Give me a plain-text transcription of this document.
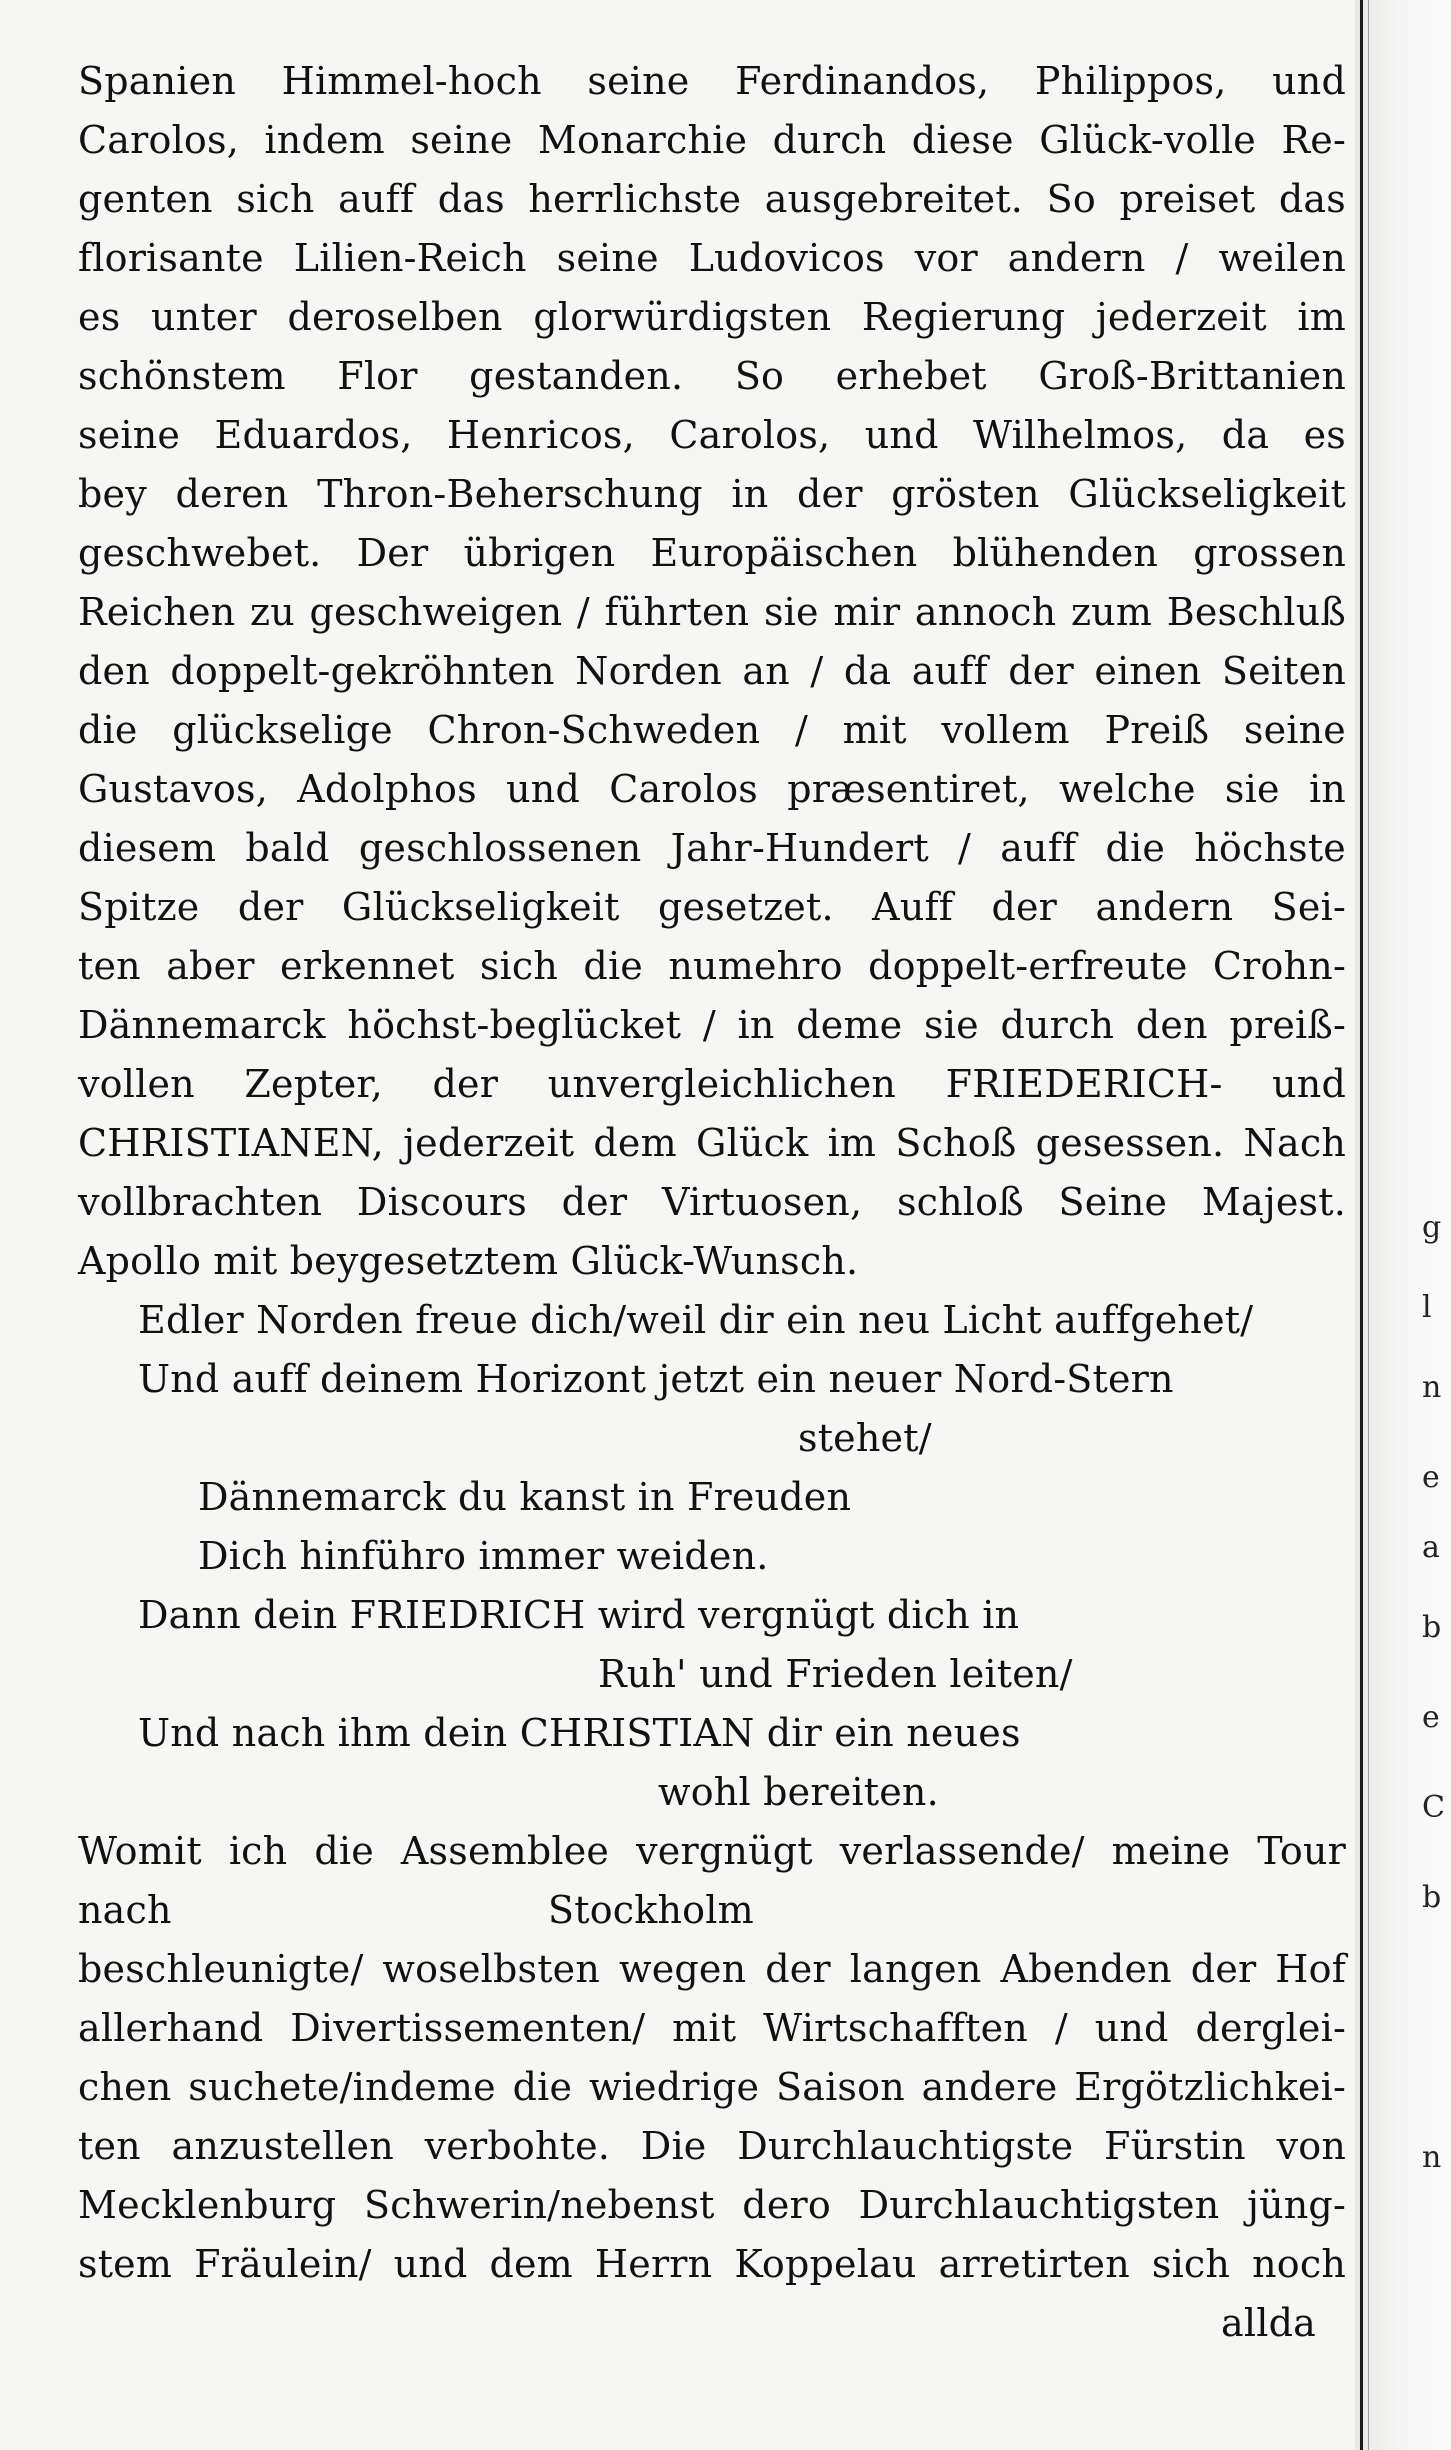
Spanien Himmel-hoch seine Ferdinandos, Philippos, und
Carolos, indem seine Monarchie durch diese Glück-volle Re-
genten sich auff das herrlichste ausgebreitet. So preiset das
florisante Lilien-Reich seine Ludovicos vor andern / weilen
es unter deroselben glorwürdigsten Regierung jederzeit im
schönstem Flor gestanden. So erhebet Groß-Brittanien
seine Eduardos, Henricos, Carolos, und Wilhelmos, da es
bey deren Thron-Beherschung in der grösten Glückseligkeit
geschwebet. Der übrigen Europäischen blühenden grossen
Reichen zu geschweigen / führten sie mir annoch zum Beschluß
den doppelt-gekröhnten Norden an / da auff der einen Seiten
die glückselige Chron-Schweden / mit vollem Preiß seine
Gustavos, Adolphos und Carolos præsentiret, welche sie in
diesem bald geschlossenen Jahr-Hundert / auff die höchste
Spitze der Glückseligkeit gesetzet. Auff der andern Sei-
ten aber erkennet sich die numehro doppelt-erfreute Crohn-
Dännemarck höchst-beglücket / in deme sie durch den preiß-
vollen Zepter, der unvergleichlichen FRIEDERICH- und
CHRISTIANEN, jederzeit dem Glück im Schoß gesessen. Nach
vollbrachten Discours der Virtuosen, schloß Seine Majest.
Apollo mit beygesetztem Glück-Wunsch.
Edler Norden freue dich/weil dir ein neu Licht auffgehet/
Und auff deinem Horizont jetzt ein neuer Nord-Stern
stehet/
Dännemarck du kanst in Freuden
Dich hinführo immer weiden.
Dann dein FRIEDRICH wird vergnügt dich in
Ruh' und Frieden leiten/
Und nach ihm dein CHRISTIAN dir ein neues
wohl bereiten.
Womit ich die Assemblee vergnügt verlassende/ meine Tour
nach	Stockholm
beschleunigte/ woselbsten wegen der langen Abenden der Hof
allerhand Divertissementen/ mit Wirtschafften / und derglei-
chen suchete/indeme die wiedrige Saison andere Ergötzlichkei-
ten anzustellen verbohte. Die Durchlauchtigste Fürstin von
Mecklenburg Schwerin/nebenst dero Durchlauchtigsten jüng-
stem Fräulein/ und dem Herrn Koppelau arretirten sich noch
allda
g
l
n
e
a
b
e
C
b
n
